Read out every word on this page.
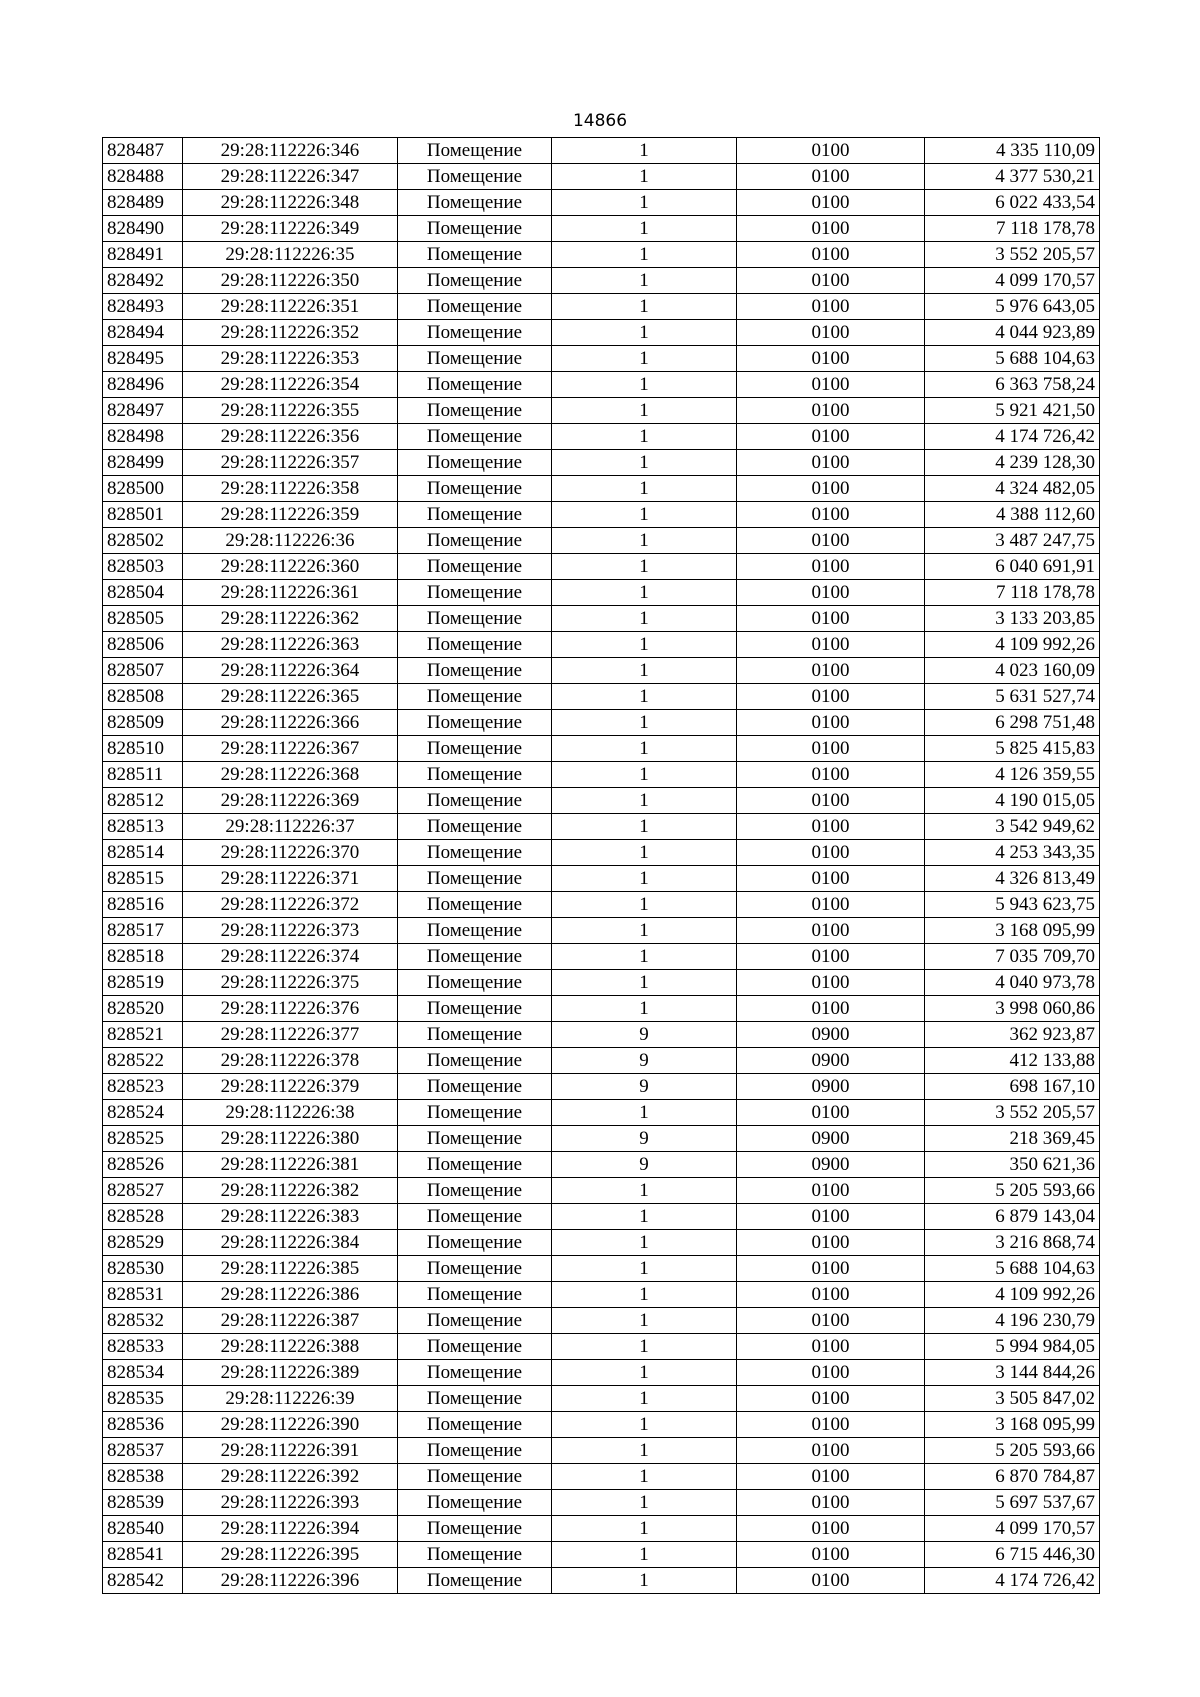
14866
828487	29:28:112226:346	Помещение	1	0100	4 335 110,09
828488	29:28:112226:347	Помещение	1	0100	4 377 530,21
828489	29:28:112226:348	Помещение	1	0100	6 022 433,54
828490	29:28:112226:349	Помещение	1	0100	7 118 178,78
828491	29:28:112226:35	Помещение	1	0100	3 552 205,57
828492	29:28:112226:350	Помещение	1	0100	4 099 170,57
828493	29:28:112226:351	Помещение	1	0100	5 976 643,05
828494	29:28:112226:352	Помещение	1	0100	4 044 923,89
828495	29:28:112226:353	Помещение	1	0100	5 688 104,63
828496	29:28:112226:354	Помещение	1	0100	6 363 758,24
828497	29:28:112226:355	Помещение	1	0100	5 921 421,50
828498	29:28:112226:356	Помещение	1	0100	4 174 726,42
828499	29:28:112226:357	Помещение	1	0100	4 239 128,30
828500	29:28:112226:358	Помещение	1	0100	4 324 482,05
828501	29:28:112226:359	Помещение	1	0100	4 388 112,60
828502	29:28:112226:36	Помещение	1	0100	3 487 247,75
828503	29:28:112226:360	Помещение	1	0100	6 040 691,91
828504	29:28:112226:361	Помещение	1	0100	7 118 178,78
828505	29:28:112226:362	Помещение	1	0100	3 133 203,85
828506	29:28:112226:363	Помещение	1	0100	4 109 992,26
828507	29:28:112226:364	Помещение	1	0100	4 023 160,09
828508	29:28:112226:365	Помещение	1	0100	5 631 527,74
828509	29:28:112226:366	Помещение	1	0100	6 298 751,48
828510	29:28:112226:367	Помещение	1	0100	5 825 415,83
828511	29:28:112226:368	Помещение	1	0100	4 126 359,55
828512	29:28:112226:369	Помещение	1	0100	4 190 015,05
828513	29:28:112226:37	Помещение	1	0100	3 542 949,62
828514	29:28:112226:370	Помещение	1	0100	4 253 343,35
828515	29:28:112226:371	Помещение	1	0100	4 326 813,49
828516	29:28:112226:372	Помещение	1	0100	5 943 623,75
828517	29:28:112226:373	Помещение	1	0100	3 168 095,99
828518	29:28:112226:374	Помещение	1	0100	7 035 709,70
828519	29:28:112226:375	Помещение	1	0100	4 040 973,78
828520	29:28:112226:376	Помещение	1	0100	3 998 060,86
828521	29:28:112226:377	Помещение	9	0900	362 923,87
828522	29:28:112226:378	Помещение	9	0900	412 133,88
828523	29:28:112226:379	Помещение	9	0900	698 167,10
828524	29:28:112226:38	Помещение	1	0100	3 552 205,57
828525	29:28:112226:380	Помещение	9	0900	218 369,45
828526	29:28:112226:381	Помещение	9	0900	350 621,36
828527	29:28:112226:382	Помещение	1	0100	5 205 593,66
828528	29:28:112226:383	Помещение	1	0100	6 879 143,04
828529	29:28:112226:384	Помещение	1	0100	3 216 868,74
828530	29:28:112226:385	Помещение	1	0100	5 688 104,63
828531	29:28:112226:386	Помещение	1	0100	4 109 992,26
828532	29:28:112226:387	Помещение	1	0100	4 196 230,79
828533	29:28:112226:388	Помещение	1	0100	5 994 984,05
828534	29:28:112226:389	Помещение	1	0100	3 144 844,26
828535	29:28:112226:39	Помещение	1	0100	3 505 847,02
828536	29:28:112226:390	Помещение	1	0100	3 168 095,99
828537	29:28:112226:391	Помещение	1	0100	5 205 593,66
828538	29:28:112226:392	Помещение	1	0100	6 870 784,87
828539	29:28:112226:393	Помещение	1	0100	5 697 537,67
828540	29:28:112226:394	Помещение	1	0100	4 099 170,57
828541	29:28:112226:395	Помещение	1	0100	6 715 446,30
828542	29:28:112226:396	Помещение	1	0100	4 174 726,42
